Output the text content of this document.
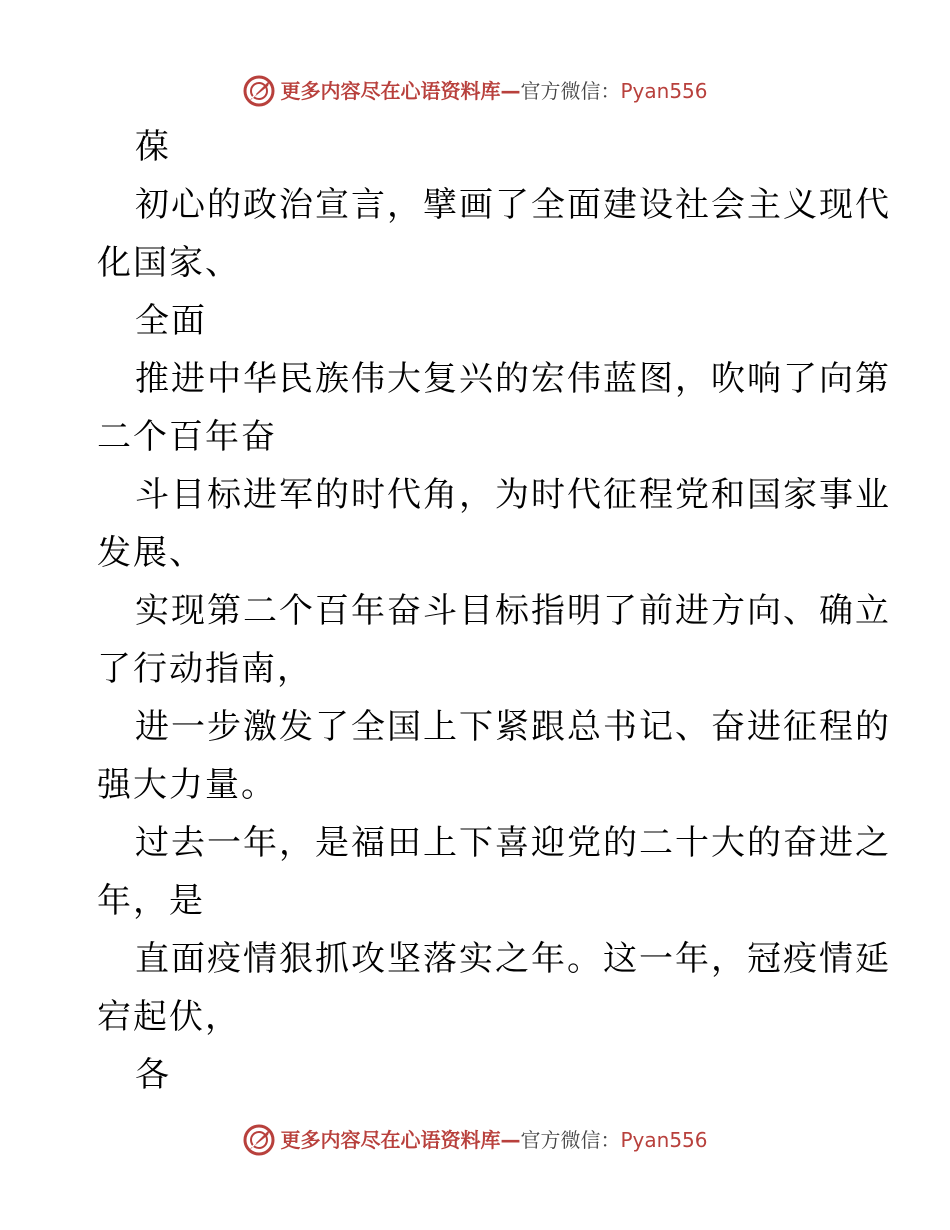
更多内容尽在心语资料库—官方微信：Pyan556
葆
初心的政治宣言，擘画了全面建设社会主义现代
化国家、
全面
推进中华民族伟大复兴的宏伟蓝图，吹响了向第
二个百年奋
斗目标进军的时代角，为时代征程党和国家事业
发展、
实现第二个百年奋斗目标指明了前进方向、确立
了行动指南，
进一步激发了全国上下紧跟总书记、奋进征程的
强大力量。
过去一年，是福田上下喜迎党的二十大的奋进之
年，是
直面疫情狠抓攻坚落实之年。这一年，冠疫情延
宕起伏，
各
更多内容尽在心语资料库—官方微信：Pyan556
